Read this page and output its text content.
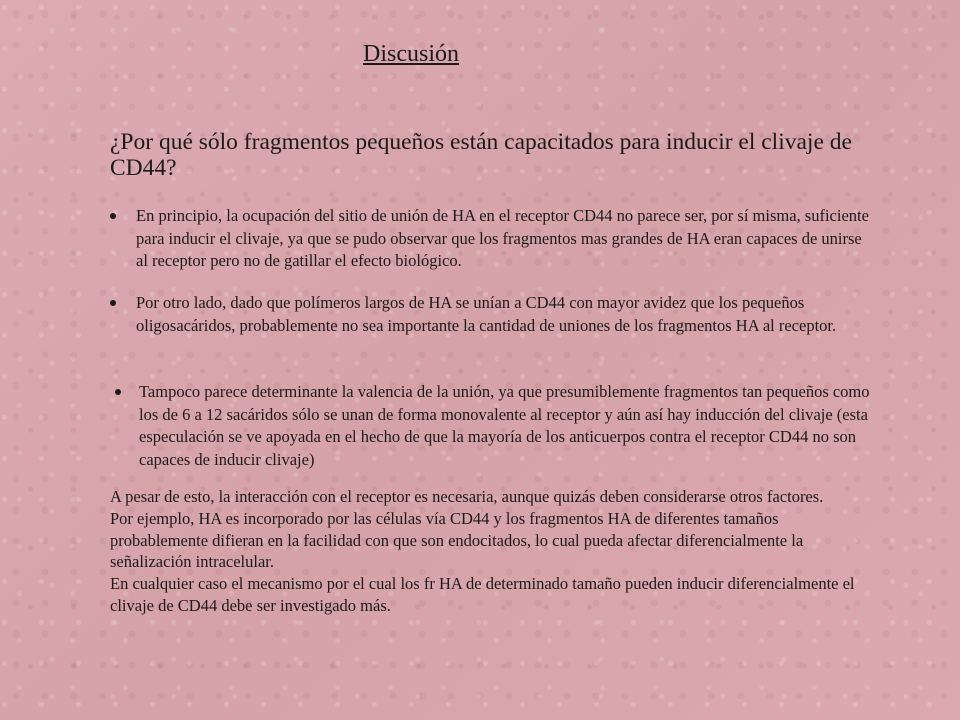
Discusión
¿Por qué sólo fragmentos pequeños están capacitados para inducir el clivaje de CD44?
En principio, la ocupación del sitio de unión de HA en el receptor CD44 no parece ser, por sí misma, suficiente para inducir el clivaje, ya que se pudo observar que los fragmentos mas grandes de HA eran capaces de unirse al receptor pero no de gatillar el efecto biológico.
Por otro lado, dado que polímeros largos de HA se unían a CD44 con mayor avidez que los pequeños oligosacáridos, probablemente no sea importante la cantidad de uniones de los fragmentos HA al receptor.
Tampoco parece determinante la valencia de la unión, ya que presumiblemente fragmentos tan pequeños como los de 6 a 12 sacáridos sólo se unan de forma monovalente al receptor y aún así hay inducción del clivaje (esta especulación se ve apoyada en el hecho de que la mayoría de los anticuerpos contra el receptor CD44 no son capaces de inducir clivaje)

A pesar de esto, la interacción con el receptor es necesaria, aunque quizás deben considerarse otros factores.

Por ejemplo, HA es incorporado por las células vía CD44 y los fragmentos HA de diferentes tamaños probablemente difieran en la facilidad con que son endocitados, lo cual pueda afectar diferencialmente la señalización intracelular.

En cualquier caso el mecanismo por el cual los fr HA de determinado tamaño pueden inducir diferencialmente el clivaje de CD44 debe ser investigado más.
